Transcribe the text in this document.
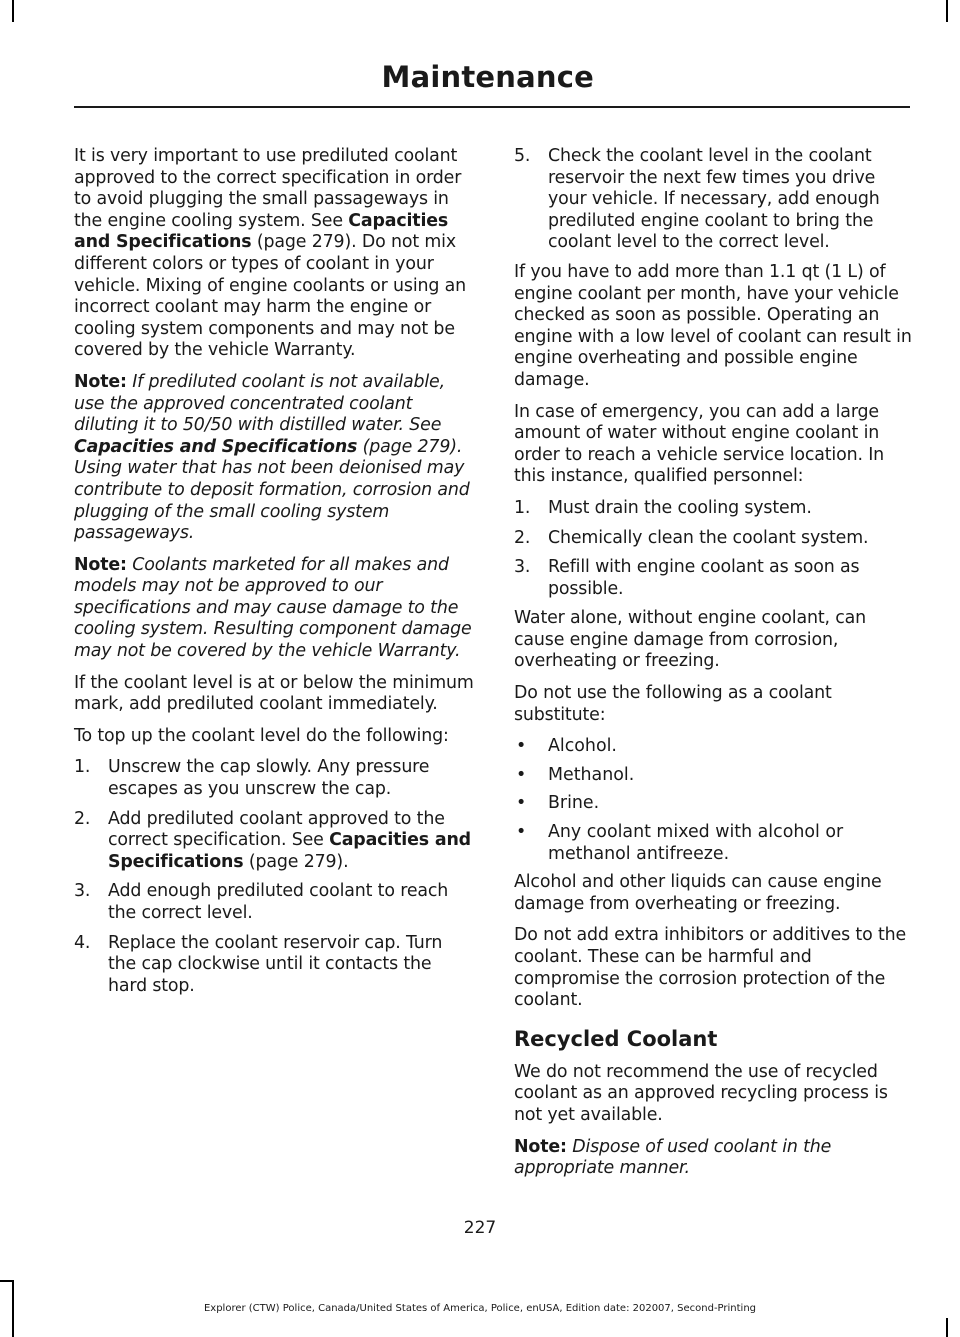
Maintenance

It is very important to use prediluted coolant approved to the correct specification in order to avoid plugging the small passageways in the engine cooling system. See Capacities and Specifications (page 279). Do not mix different colors or types of coolant in your vehicle. Mixing of engine coolants or using an incorrect coolant may harm the engine or cooling system components and may not be covered by the vehicle Warranty.

Note: If prediluted coolant is not available, use the approved concentrated coolant diluting it to 50/50 with distilled water. See Capacities and Specifications (page 279). Using water that has not been deionised may contribute to deposit formation, corrosion and plugging of the small cooling system passageways.

Note: Coolants marketed for all makes and models may not be approved to our specifications and may cause damage to the cooling system. Resulting component damage may not be covered by the vehicle Warranty.

If the coolant level is at or below the minimum mark, add prediluted coolant immediately.

To top up the coolant level do the following:

1. Unscrew the cap slowly. Any pressure escapes as you unscrew the cap.
2. Add prediluted coolant approved to the correct specification. See Capacities and Specifications (page 279).
3. Add enough prediluted coolant to reach the correct level.
4. Replace the coolant reservoir cap. Turn the cap clockwise until it contacts the hard stop.
5. Check the coolant level in the coolant reservoir the next few times you drive your vehicle. If necessary, add enough prediluted engine coolant to bring the coolant level to the correct level.

If you have to add more than 1.1 qt (1 L) of engine coolant per month, have your vehicle checked as soon as possible. Operating an engine with a low level of coolant can result in engine overheating and possible engine damage.

In case of emergency, you can add a large amount of water without engine coolant in order to reach a vehicle service location. In this instance, qualified personnel:

1. Must drain the cooling system.
2. Chemically clean the coolant system.
3. Refill with engine coolant as soon as possible.

Water alone, without engine coolant, can cause engine damage from corrosion, overheating or freezing.

Do not use the following as a coolant substitute:

• Alcohol.
• Methanol.
• Brine.
• Any coolant mixed with alcohol or methanol antifreeze.

Alcohol and other liquids can cause engine damage from overheating or freezing.

Do not add extra inhibitors or additives to the coolant. These can be harmful and compromise the corrosion protection of the coolant.

Recycled Coolant

We do not recommend the use of recycled coolant as an approved recycling process is not yet available.

Note: Dispose of used coolant in the appropriate manner.

227
Explorer (CTW) Police, Canada/United States of America, Police, enUSA, Edition date: 202007, Second-Printing
